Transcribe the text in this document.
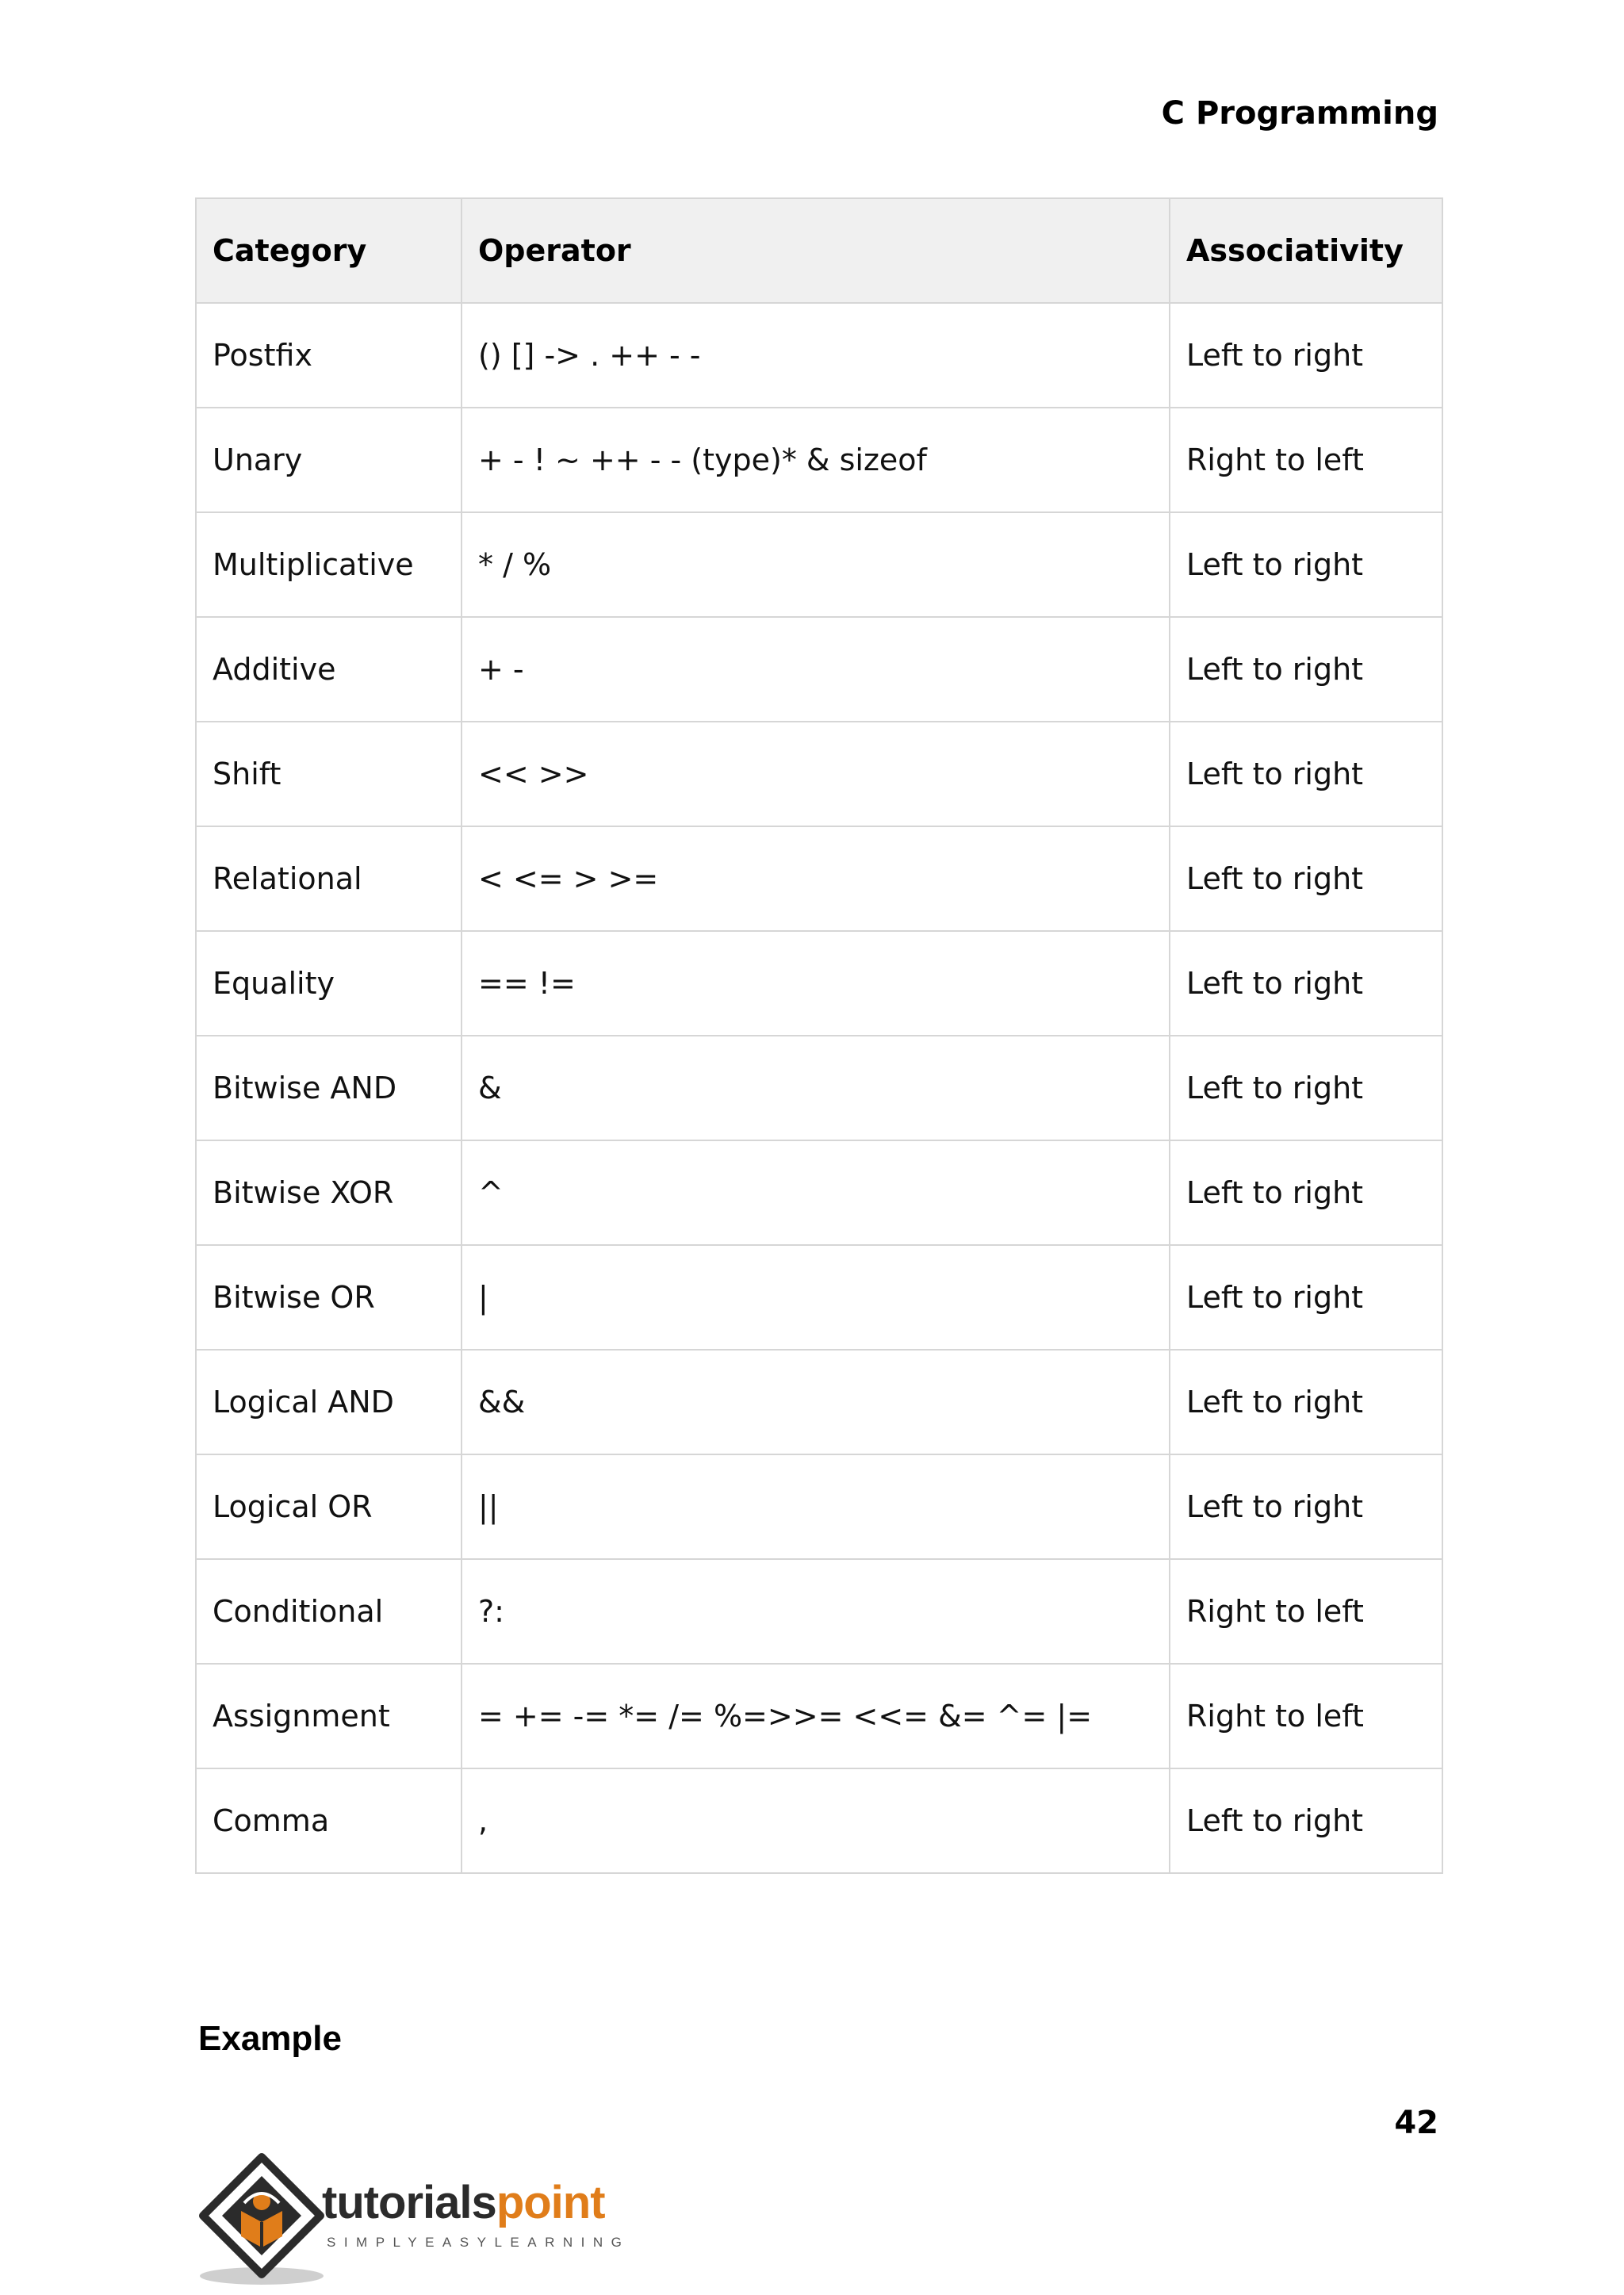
C Programming
Category	Operator	Associativity
Postfix	() [] -> . ++ - -	Left to right
Unary	+ - ! ~ ++ - - (type)* & sizeof	Right to left
Multiplicative	* / %	Left to right
Additive	+ -	Left to right
Shift	<< >>	Left to right
Relational	< <= > >=	Left to right
Equality	== !=	Left to right
Bitwise AND	&	Left to right
Bitwise XOR	^	Left to right
Bitwise OR	|	Left to right
Logical AND	&&	Left to right
Logical OR	||	Left to right
Conditional	?:	Right to left
Assignment	= += -= *= /= %=>>= <<= &= ^= |=	Right to left
Comma	,	Left to right
Example
42
tutorialspoint
SIMPLYEASYLEARNING
